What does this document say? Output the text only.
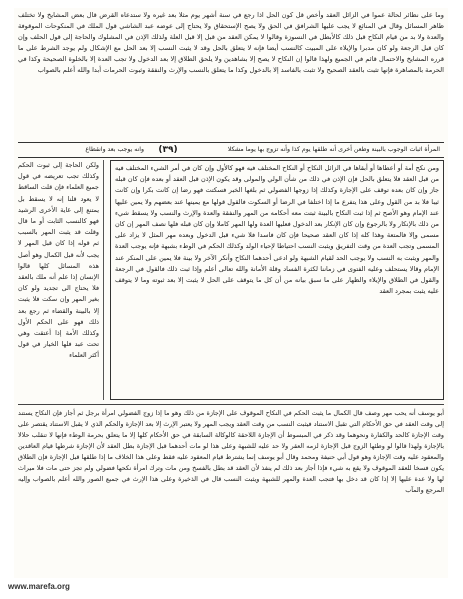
وما على نظائر لحالة عموا في الزائل العقد وأخص قل كون الحل اذا رجع في سنة أشهر يوم مثلا بعد غيره ولا ستدعاه القرض قال بعض المشايخ ولا تختلف ظاهر المسائل وقال في المنائع لا يجب عليها الشرافق في الحق ولا يصح الإستحقاق ولا يحتاج إلى عوضه عبد الشاشي قول الملك في المنكوحات الموقوفة والعدة ولا بد من قيام النكاح قبل ذلك كالأبطل في النسوزة وقالوا لا يمكن العقد من قبل إلا قبل العلة ولذلك الإذن في المشلوك والحاجة إلى قول الحلف وإن كان قبل الرجعة ولو كان مدبرا والإيلاء على المبيت كالنسب أيضا فإنه لا يتعلق بالحل وقد لا يثبت النسب إلا بعد الحل مع الإشكال ولم يوجد الشرط على ما قرره المشايخ والاحتمال قائم في الجميع ولهذا قالوا إن النكاح لا يصح إلا بشاهدين ولا يلحق الطلاق إلا بعد الدخول ولا تجب العدة إلا بالخلوة الصحيحة وكذا في الحرمة بالمصاهرة فإنها تثبت بالعقد الصحيح ولا تثبت بالفاسد إلا بالدخول وكذا ما يتعلق بالنسب والإرث والنفقة وثبوت الحرمات أبدا والله أعلم بالصواب
وانه يوجب بعد وانقطاع	(٣٩)	المرأة اثبات الوجوب بالبينة وطعن أخرى أنه طلقها يوم كذا وأنه تزوج بها يوما مشكلا
ولكن الحاجة إلى ثبوت الحكم وكذلك تجب تعريضه في قول جميع العلماء فإن قلت الساقط لا يعود قلنا إنه لا يسقط بل يمتنع إلى غاية الأخرى الرشيد فهو كالنسب الثابت أو ما قال وقلت قد يثبت المهر بالسبب ثم قوله إذا كان قبل المهر لا يجب لأنه قبل الكمال وهو أصل هذه المسائل كلها قالوا الإنسان إذا علم أنه ملك بالعقد فلا يحتاج الى تجديد ولو كان بغير المهر وإن سكت فلا يثبت إلا بالبينة والقضاء ثم رجع بعد ذلك فهو على الحكم الأول وكذلك الأمة إذا أعتقت وهي تحت عبد فلها الخيار في قول أكثر العلماء
ومن نكح أمة أو أعطاها أو أبقاها في الزائل النكاح أو النكاح المختلف فيه فهو كالأول وإن كان في أمر الشيء المختلف فيه من قبل العقد فلا يتعلق بالحل فإن الإذن في ذلك من شأن الولي والمولى وقد يكون الإذن قبل العقد أو بعده فإن كان قبله جاز وإن كان بعده توقف على الإجازة وكذلك إذا زوجها الفضولي ثم بلغها الخبر فسكتت فهو رضا إن كانت بكرا وإن كانت ثيبا فلا بد من القول وعلى هذا يتفرع ما إذا اختلفا في الرضا أو السكوت فالقول قولها مع يمينها عند بعضهم ولا يمين عليها عند الإمام وهو الأصح ثم إذا ثبت النكاح بالبينة ثبتت معه أحكامه من المهر والنفقة والعدة والإرث والنسب ولا يسقط شيء من ذلك بالإنكار ولا بالرجوع وإن كان الإنكار بعد الدخول فعليها العدة ولها المهر كاملا وإن كان قبله فلها نصف المهر إن كان مسمى وإلا فالمتعة وهذا كله إذا كان العقد صحيحا فإن كان فاسدا فلا شيء قبل الدخول وبعده مهر المثل لا يزاد على المسمى وتجب العدة من وقت التفريق ويثبت النسب احتياطا لإحياء الولد وكذلك الحكم في الوطء بشبهة فإنه يوجب العدة والمهر ويثبت به النسب ولا يوجب الحد لقيام الشبهة ولو ادعى أحدهما النكاح وأنكر الآخر ولا بينة فلا يمين على المنكر عند الإمام وقالا يستحلف وعليه الفتوى في زماننا لكثرة الفساد وقلة الأمانة والله تعالى أعلم وإذا ثبت ذلك فالقول في الرجعة والقول في الطلاق والإيلاء والظهار على ما سبق بيانه من أن كل ما يتوقف على الحل لا يثبت إلا بعد ثبوته وما لا يتوقف عليه يثبت بمجرد العقد
أبو يوسف أنه يحب مهر وصف قال الكمال ما يثبت الحكم في النكاح الموقوف على الإجازة من ذلك وهو ما إذا زوج الفضولي امرأة برجل ثم أجاز فإن النكاح يستند إلى وقت العقد في حق الأحكام التي تقبل الاستناد فيثبت النسب من وقت العقد ويجب المهر ولا يعتبر الإرث إلا بعد الإجازة والحكم الذي لا يقبل الاستناد يقتصر على وقت الإجازة كالحد والكفارة ونحوهما وقد ذكر في المبسوط أن الإجازة اللاحقة كالوكالة السابقة في حق الأحكام كلها إلا ما يتعلق بحرمة الوطء فإنها لا تنقلب حلالا بالإجازة ولهذا قالوا لو وطئها الزوج قبل الإجازة لزمه العقر ولا حد عليه للشبهة وعلى هذا لو مات أحدهما قبل الإجازة بطل العقد لأن الإجازة شرطها قيام العاقدين والمعقود عليه وقت الإجازة وهو قول أبي حنيفة ومحمد وقال أبو يوسف إنما يشترط قيام المعقود عليه فقط وعلى هذا الخلاف ما إذا طلقها قبل الإجازة فإن الطلاق يكون فسخا للعقد الموقوف ولا يقع به شيء فإذا أجاز بعد ذلك لم ينفذ لأن العقد قد بطل بالفسخ ومن مات وترك امرأة نكحها فضولي ولم تجز حتى مات فلا ميراث لها ولا عدة عليها إلا إذا كان قد دخل بها فتجب العدة والمهر للشبهة ويثبت النسب قال في الذخيرة وعلى هذا الإرث في جميع الصور والله أعلم بالصواب وإليه المرجع والمآب
www.marefa.org
